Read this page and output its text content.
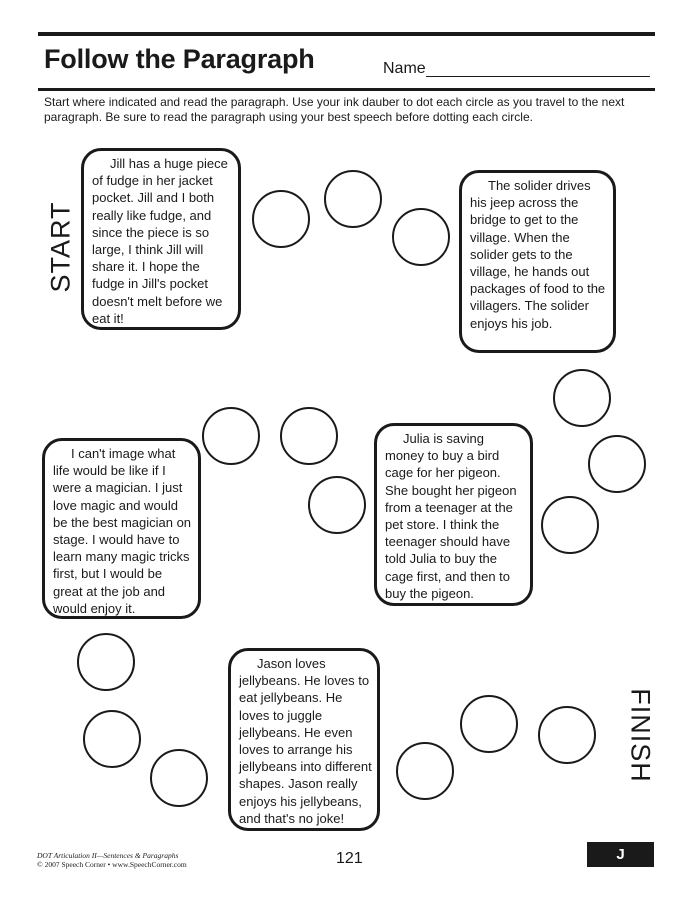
Follow the Paragraph	Name
Start where indicated and read the paragraph. Use your ink dauber to dot each circle as you travel to the next paragraph. Be sure to read the paragraph using your best speech before dotting each circle.
START

Jill has a huge piece of fudge in her jacket pocket. Jill and I both really like fudge, and since the piece is so large, I think Jill will share it. I hope the fudge in Jill's pocket doesn't melt before we eat it!

The solider drives his jeep across the bridge to get to the village. When the solider gets to the village, he hands out packages of food to the villagers. The solider enjoys his job.

Julia is saving money to buy a bird cage for her pigeon. She bought her pigeon from a teenager at the pet store. I think the teenager should have told Julia to buy the cage first, and then to buy the pigeon.

I can't image what life would be like if I were a magician. I just love magic and would be the best magician on stage. I would have to learn many magic tricks first, but I would be great at the job and would enjoy it.

Jason loves jellybeans. He loves to eat jellybeans. He loves to juggle jellybeans. He even loves to arrange his jellybeans into different shapes. Jason really enjoys his jellybeans, and that's no joke!

FINISH
DOT Articulation II—Sentences & Paragraphs
© 2007 Speech Corner • www.SpeechCorner.com	121	J
